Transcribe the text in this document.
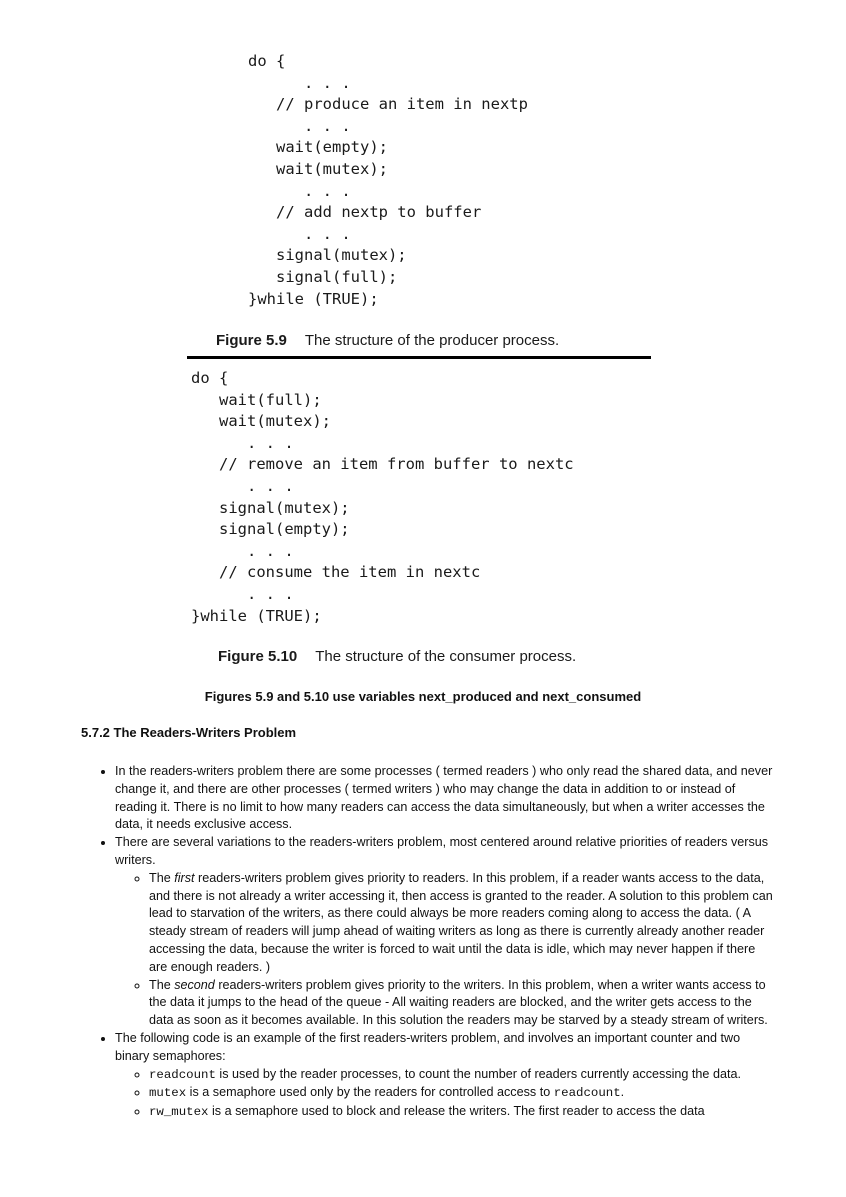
do {
. . .
// produce an item in nextp
. . .
wait(empty);
wait(mutex);
. . .
// add nextp to buffer
. . .
signal(mutex);
signal(full);
}while (TRUE);
Figure 5.9 The structure of the producer process.
do {
wait(full);
wait(mutex);
. . .
// remove an item from buffer to nextc
. . .
signal(mutex);
signal(empty);
. . .
// consume the item in nextc
. . .
}while (TRUE);
Figure 5.10 The structure of the consumer process.
Figures 5.9 and 5.10 use variables next_produced and next_consumed
5.7.2 The Readers-Writers Problem
• In the readers-writers problem there are some processes ( termed readers ) who only read the shared data, and never change it, and there are other processes ( termed writers ) who may change the data in addition to or instead of reading it. There is no limit to how many readers can access the data simultaneously, but when a writer accesses the data, it needs exclusive access.
• There are several variations to the readers-writers problem, most centered around relative priorities of readers versus writers.
◦ The first readers-writers problem gives priority to readers. In this problem, if a reader wants access to the data, and there is not already a writer accessing it, then access is granted to the reader. A solution to this problem can lead to starvation of the writers, as there could always be more readers coming along to access the data. ( A steady stream of readers will jump ahead of waiting writers as long as there is currently already another reader accessing the data, because the writer is forced to wait until the data is idle, which may never happen if there are enough readers. )
◦ The second readers-writers problem gives priority to the writers. In this problem, when a writer wants access to the data it jumps to the head of the queue - All waiting readers are blocked, and the writer gets access to the data as soon as it becomes available. In this solution the readers may be starved by a steady stream of writers.
• The following code is an example of the first readers-writers problem, and involves an important counter and two binary semaphores:
◦ readcount is used by the reader processes, to count the number of readers currently accessing the data.
◦ mutex is a semaphore used only by the readers for controlled access to readcount.
◦ rw_mutex is a semaphore used to block and release the writers. The first reader to access the data
